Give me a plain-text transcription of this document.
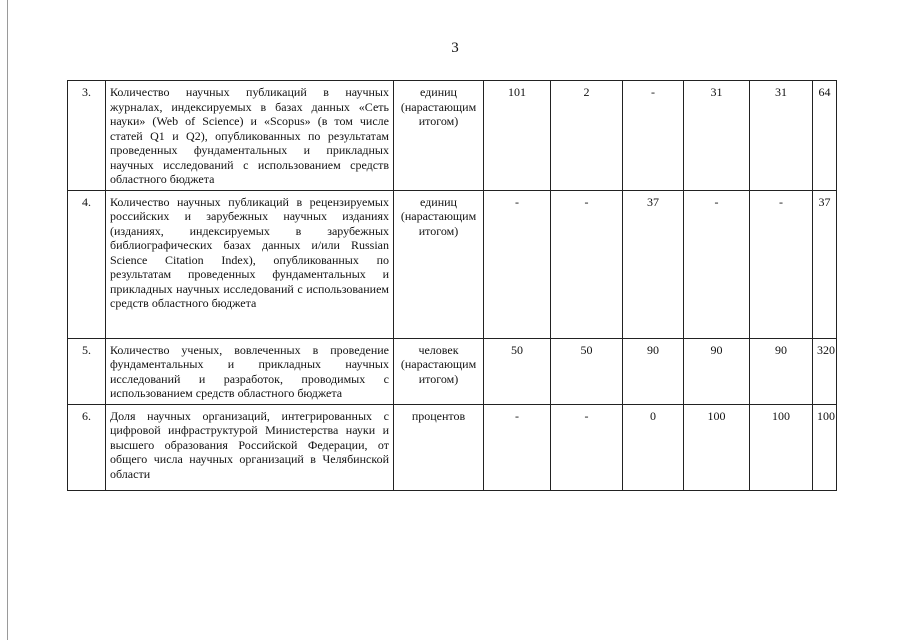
3
3.	Количество научных публикаций в научных журналах, индексируемых в базах данных «Сеть науки» (Web of Science) и «Scopus» (в том числе статей Q1 и Q2), опубликованных по результатам проведенных фундаментальных и прикладных научных исследований с использованием средств областного бюджета	единиц (нарастающим итогом)	101	2	-	31	31	64
4.	Количество научных публикаций в рецензируемых российских и зарубежных научных изданиях (изданиях, индексируемых в зарубежных библиографических базах данных и/или Russian Science Citation Index), опубликованных по результатам проведенных фундаментальных и прикладных научных исследований с использованием средств областного бюджета	единиц (нарастающим итогом)	-	-	37	-	-	37
5.	Количество ученых, вовлеченных в проведение фундаментальных и прикладных научных исследований и разработок, проводимых с использованием средств областного бюджета	человек (нарастающим итогом)	50	50	90	90	90	320
6.	Доля научных организаций, интегрированных с цифровой инфраструктурой Министерства науки и высшего образования Российской Федерации, от общего числа научных организаций в Челябинской области	процентов	-	-	0	100	100	100
